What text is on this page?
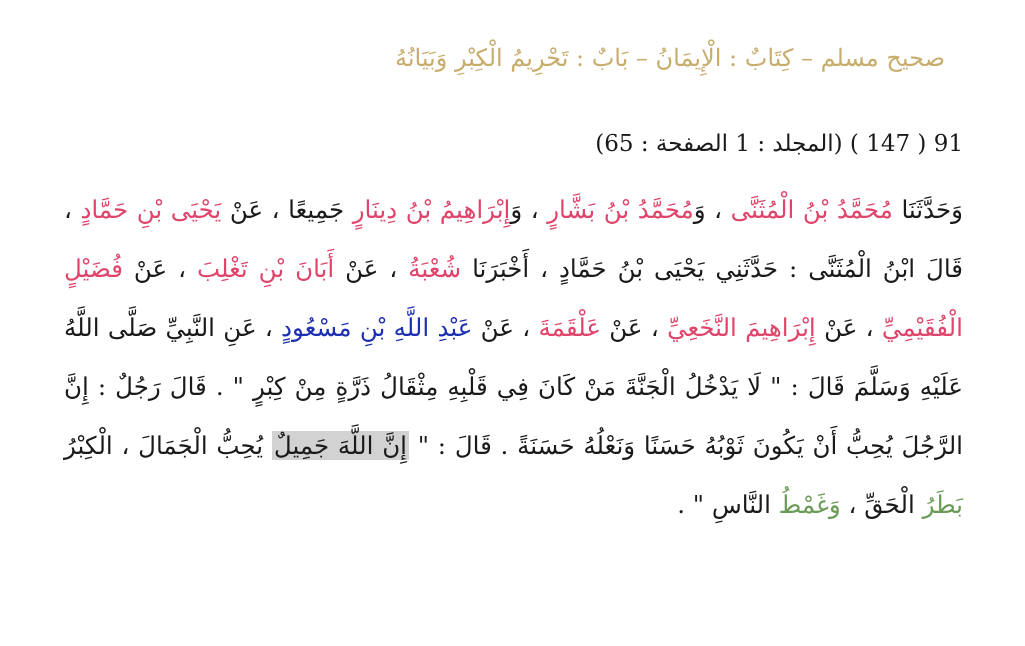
صحيح مسلم – كِتَابٌ : الْإِيمَانُ – بَابٌ : تَحْرِيمُ الْكِبْرِ وَبَيَانُهُ
91 ( 147 ) (المجلد : 1 الصفحة : 65)
وَحَدَّثَنَا مُحَمَّدُ بْنُ الْمُثَنَّى ، وَمُحَمَّدُ بْنُ بَشَّارٍ ، وَإِبْرَاهِيمُ بْنُ دِينَارٍ جَمِيعًا ، عَنْ يَحْيَى بْنِ حَمَّادٍ ، قَالَ ابْنُ الْمُثَنَّى : حَدَّثَنِي يَحْيَى بْنُ حَمَّادٍ ، أَخْبَرَنَا شُعْبَةُ ، عَنْ أَبَانَ بْنِ تَغْلِبَ ، عَنْ فُضَيْلٍ الْفُقَيْمِيِّ ، عَنْ إِبْرَاهِيمَ النَّخَعِيِّ ، عَنْ عَلْقَمَةَ ، عَنْ عَبْدِ اللَّهِ بْنِ مَسْعُودٍ ، عَنِ النَّبِيِّ صَلَّى اللَّهُ عَلَيْهِ وَسَلَّمَ قَالَ : " لَا يَدْخُلُ الْجَنَّةَ مَنْ كَانَ فِي قَلْبِهِ مِثْقَالُ ذَرَّةٍ مِنْ كِبْرٍ " . قَالَ رَجُلٌ : إِنَّ الرَّجُلَ يُحِبُّ أَنْ يَكُونَ ثَوْبُهُ حَسَنًا وَنَعْلُهُ حَسَنَةً . قَالَ : " إِنَّ اللَّهَ جَمِيلٌ يُحِبُّ الْجَمَالَ ، الْكِبْرُ بَطَرُ الْحَقِّ ، وَغَمْطُ النَّاسِ " .
